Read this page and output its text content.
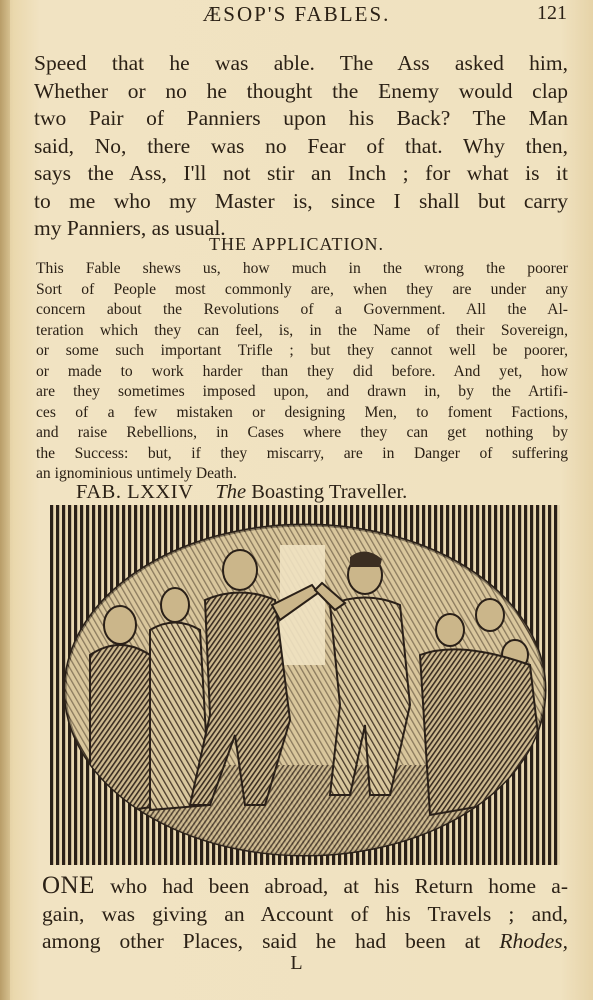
ÆSOP'S FABLES.	121
Speed that he was able. The Ass asked him,
Whether or no he thought the Enemy would clap
two Pair of Panniers upon his Back? The Man
said, No, there was no Fear of that. Why then,
says the Ass, I'll not stir an Inch ; for what is it
to me who my Master is, since I shall but carry
my Panniers, as usual.
THE APPLICATION.
This Fable shews us, how much in the wrong the poorer
Sort of People most commonly are, when they are under any
concern about the Revolutions of a Government. All the Al-
teration which they can feel, is, in the Name of their Sovereign,
or some such important Trifle ; but they cannot well be poorer,
or made to work harder than they did before. And yet, how
are they sometimes imposed upon, and drawn in, by the Artifi-
ces of a few mistaken or designing Men, to foment Factions,
and raise Rebellions, in Cases where they can get nothing by
the Success: but, if they miscarry, are in Danger of suffering
an ignominious untimely Death.
FAB. LXXIV The Boasting Traveller.
ONE who had been abroad, at his Return home a-
gain, was giving an Account of his Travels ; and,
among other Places, said he had been at Rhodes,
L
